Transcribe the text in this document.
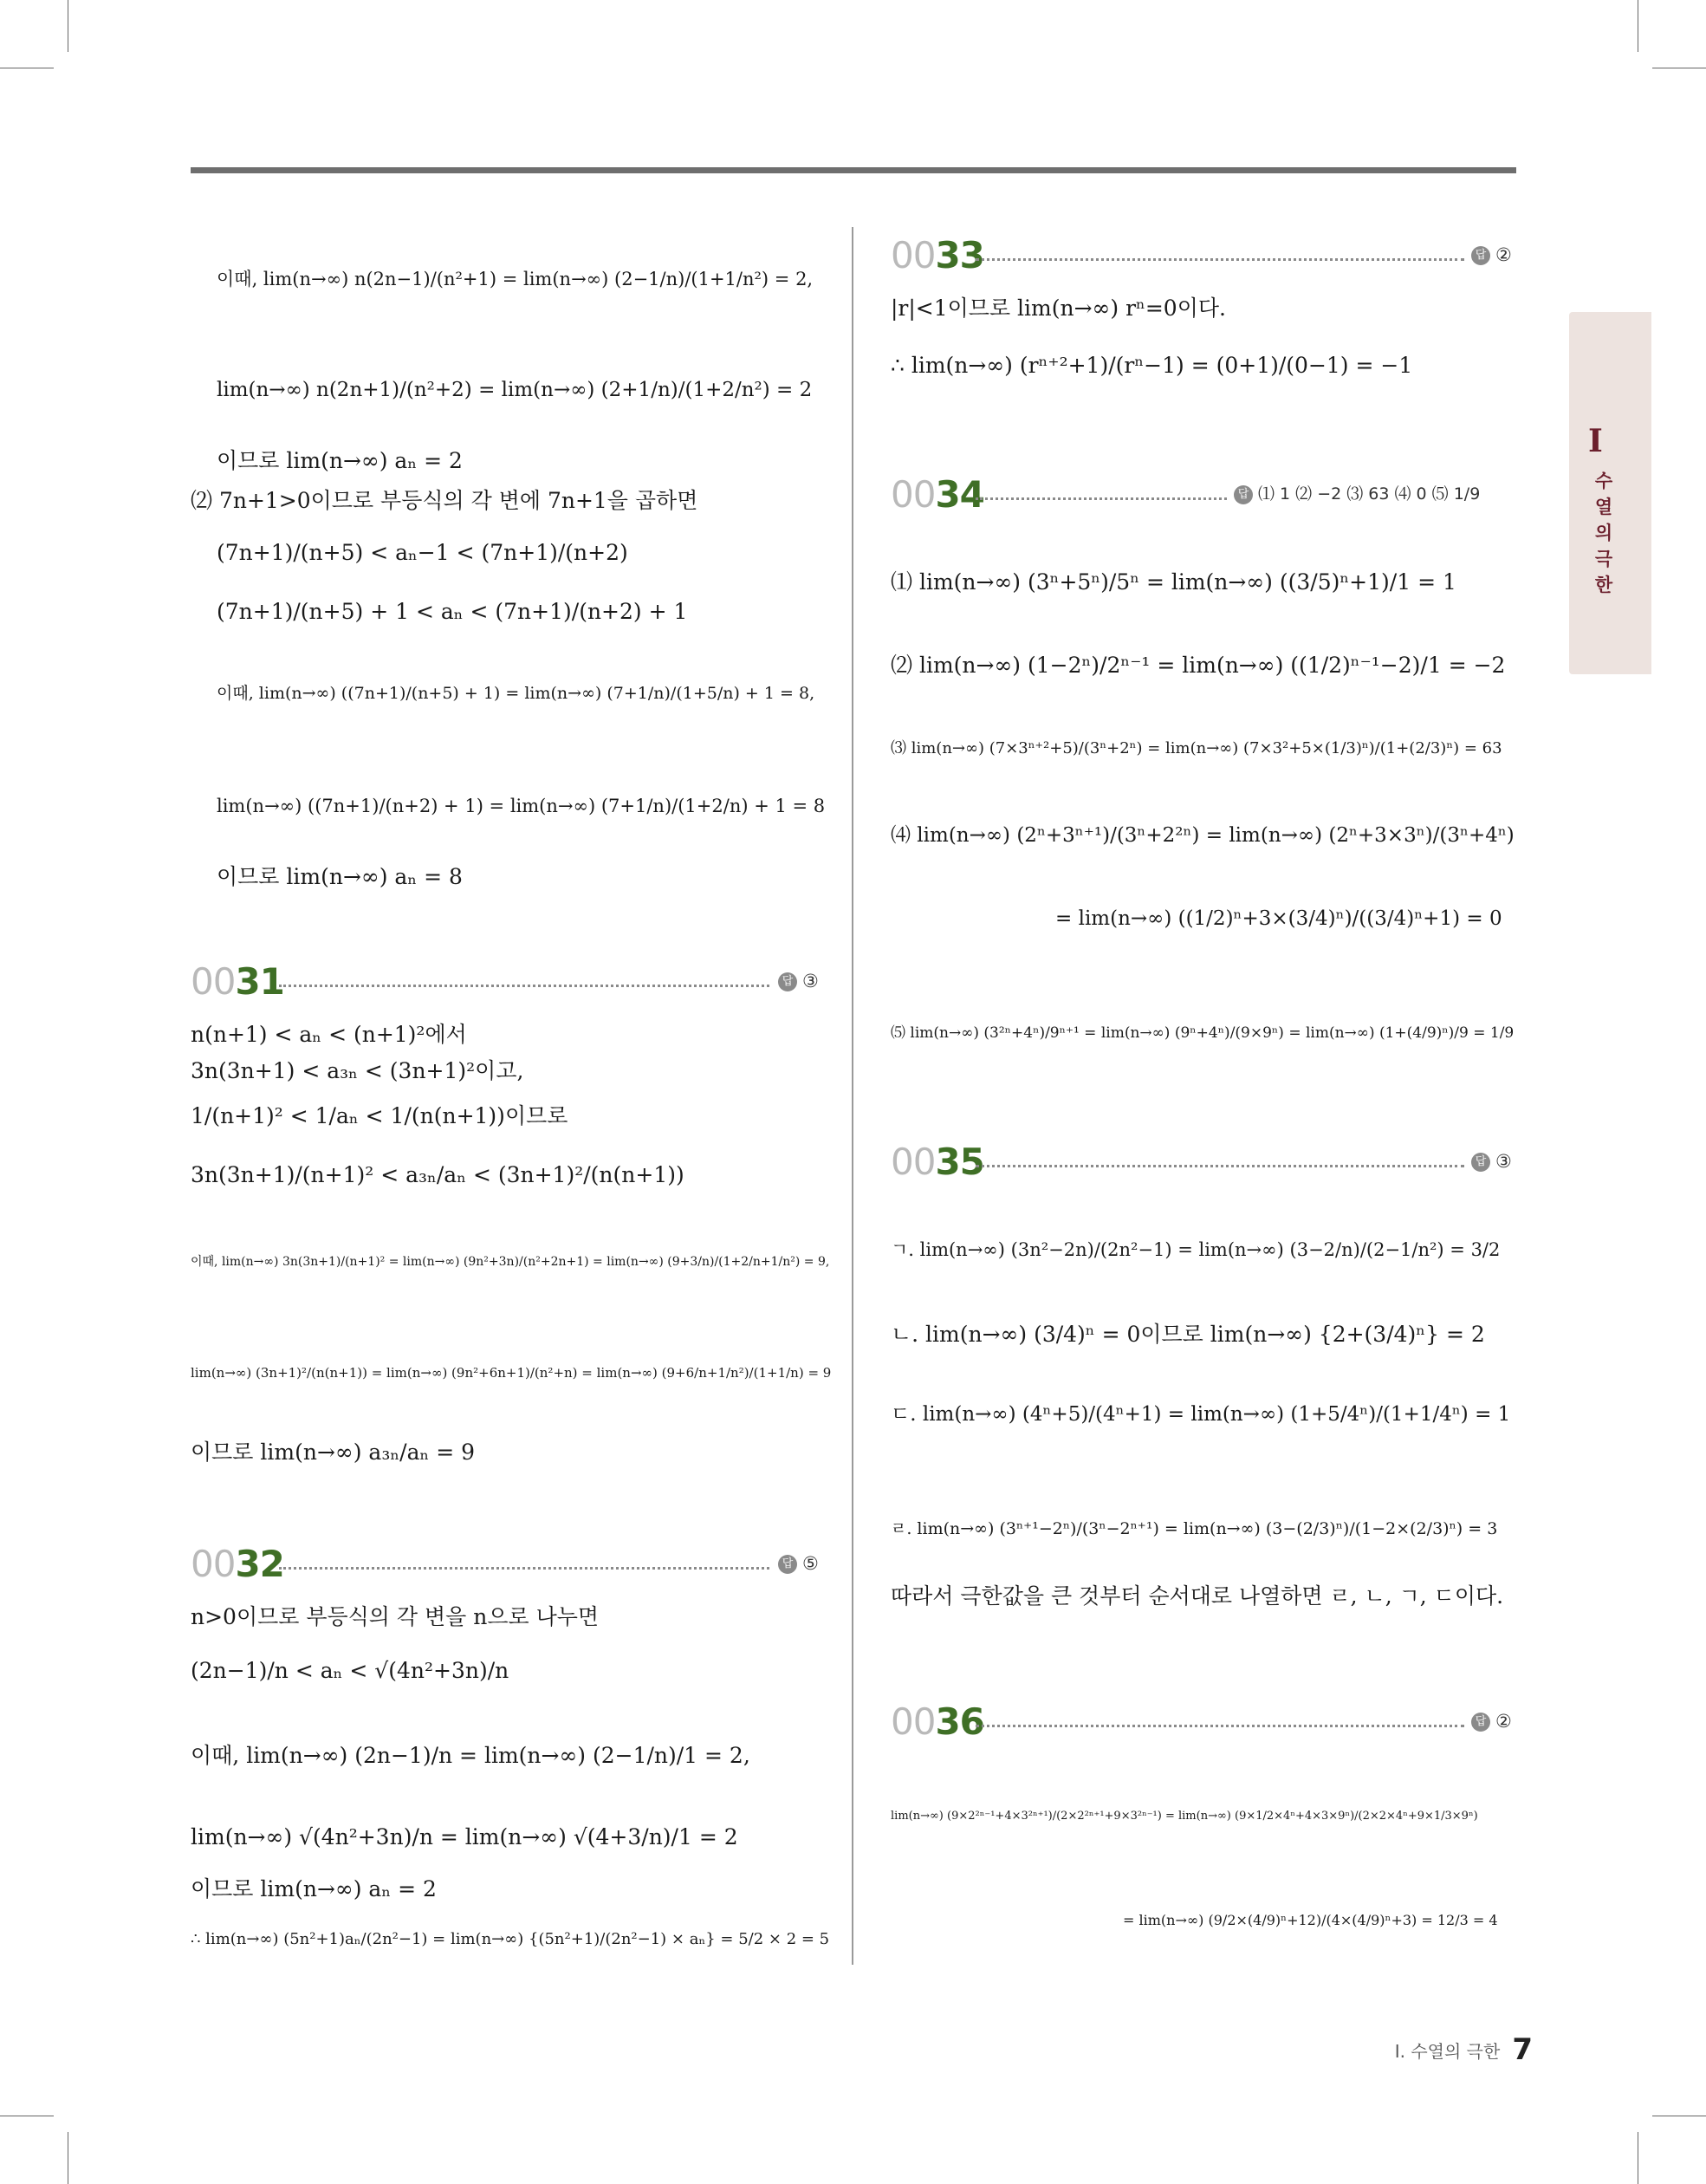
이때, lim(n→∞) n(2n−1)/(n²+1) = lim(n→∞) (2−1/n)/(1+1/n²) = 2,
lim(n→∞) n(2n+1)/(n²+2) = lim(n→∞) (2+1/n)/(1+2/n²) = 2
이므로 lim(n→∞) aₙ = 2
⑵ 7n+1>0이므로 부등식의 각 변에 7n+1을 곱하면
(7n+1)/(n+5) < aₙ−1 < (7n+1)/(n+2)
(7n+1)/(n+5) + 1 < aₙ < (7n+1)/(n+2) + 1
이때, lim(n→∞) ((7n+1)/(n+5) + 1) = lim(n→∞) (7+1/n)/(1+5/n) + 1 = 8,
lim(n→∞) ((7n+1)/(n+2) + 1) = lim(n→∞) (7+1/n)/(1+2/n) + 1 = 8
이므로 lim(n→∞) aₙ = 8
0031	답 ③
n(n+1) < aₙ < (n+1)²에서
3n(3n+1) < a₃ₙ < (3n+1)²이고,
1/(n+1)² < 1/aₙ < 1/(n(n+1))이므로
3n(3n+1)/(n+1)² < a₃ₙ/aₙ < (3n+1)²/(n(n+1))
이때, lim(n→∞) 3n(3n+1)/(n+1)² = lim(n→∞) (9n²+3n)/(n²+2n+1) = lim(n→∞) (9+3/n)/(1+2/n+1/n²) = 9,
lim(n→∞) (3n+1)²/(n(n+1)) = lim(n→∞) (9n²+6n+1)/(n²+n) = lim(n→∞) (9+6/n+1/n²)/(1+1/n) = 9
이므로 lim(n→∞) a₃ₙ/aₙ = 9
0032	답 ⑤
n>0이므로 부등식의 각 변을 n으로 나누면
(2n−1)/n < aₙ < √(4n²+3n)/n
이때, lim(n→∞) (2n−1)/n = lim(n→∞) (2−1/n)/1 = 2,
lim(n→∞) √(4n²+3n)/n = lim(n→∞) √(4+3/n)/1 = 2
이므로 lim(n→∞) aₙ = 2
∴ lim(n→∞) (5n²+1)aₙ/(2n²−1) = lim(n→∞) {(5n²+1)/(2n²−1) × aₙ} = 5/2 × 2 = 5
0033	답 ②
|r|<1이므로 lim(n→∞) rⁿ=0이다.
∴ lim(n→∞) (rⁿ⁺²+1)/(rⁿ−1) = (0+1)/(0−1) = −1
0034	답 ⑴ 1 ⑵ −2 ⑶ 63 ⑷ 0 ⑸ 1/9
⑴ lim(n→∞) (3ⁿ+5ⁿ)/5ⁿ = lim(n→∞) ((3/5)ⁿ+1)/1 = 1
⑵ lim(n→∞) (1−2ⁿ)/2ⁿ⁻¹ = lim(n→∞) ((1/2)ⁿ⁻¹−2)/1 = −2
⑶ lim(n→∞) (7×3ⁿ⁺²+5)/(3ⁿ+2ⁿ) = lim(n→∞) (7×3²+5×(1/3)ⁿ)/(1+(2/3)ⁿ) = 63
⑷ lim(n→∞) (2ⁿ+3ⁿ⁺¹)/(3ⁿ+2²ⁿ) = lim(n→∞) (2ⁿ+3×3ⁿ)/(3ⁿ+4ⁿ)
= lim(n→∞) ((1/2)ⁿ+3×(3/4)ⁿ)/((3/4)ⁿ+1) = 0
⑸ lim(n→∞) (3²ⁿ+4ⁿ)/9ⁿ⁺¹ = lim(n→∞) (9ⁿ+4ⁿ)/(9×9ⁿ) = lim(n→∞) (1+(4/9)ⁿ)/9 = 1/9
0035	답 ③
ㄱ. lim(n→∞) (3n²−2n)/(2n²−1) = lim(n→∞) (3−2/n)/(2−1/n²) = 3/2
ㄴ. lim(n→∞) (3/4)ⁿ = 0이므로 lim(n→∞) {2+(3/4)ⁿ} = 2
ㄷ. lim(n→∞) (4ⁿ+5)/(4ⁿ+1) = lim(n→∞) (1+5/4ⁿ)/(1+1/4ⁿ) = 1
ㄹ. lim(n→∞) (3ⁿ⁺¹−2ⁿ)/(3ⁿ−2ⁿ⁺¹) = lim(n→∞) (3−(2/3)ⁿ)/(1−2×(2/3)ⁿ) = 3
따라서 극한값을 큰 것부터 순서대로 나열하면 ㄹ, ㄴ, ㄱ, ㄷ이다.
0036	답 ②
lim(n→∞) (9×2²ⁿ⁻¹+4×3²ⁿ⁺¹)/(2×2²ⁿ⁺¹+9×3²ⁿ⁻¹) = lim(n→∞) (9×1/2×4ⁿ+4×3×9ⁿ)/(2×2×4ⁿ+9×1/3×9ⁿ)
= lim(n→∞) (9/2×(4/9)ⁿ+12)/(4×(4/9)ⁿ+3) = 12/3 = 4
I
수열의 극한
Ⅰ. 수열의 극한 7
